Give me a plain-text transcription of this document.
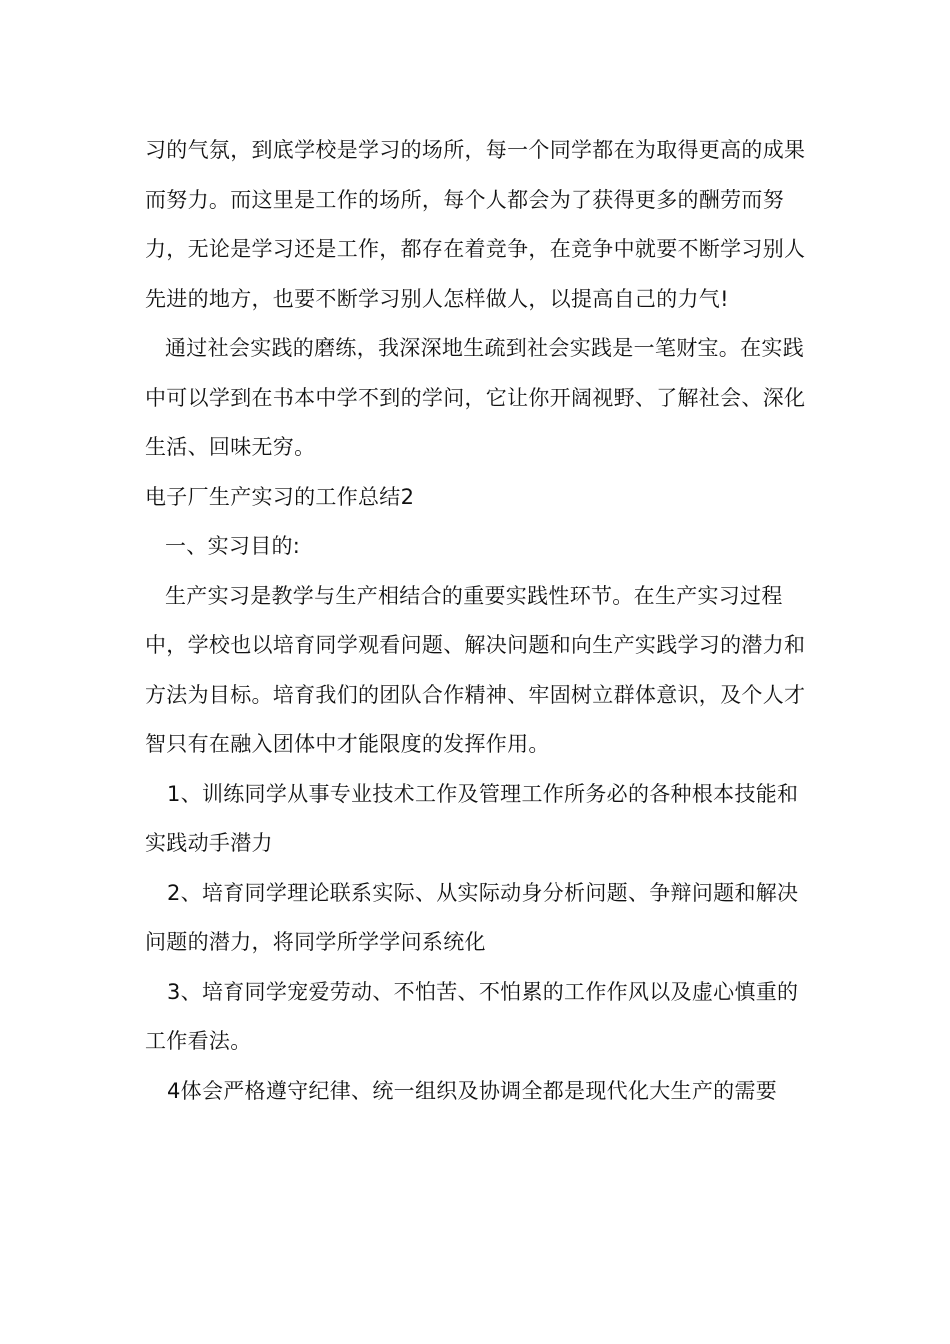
习的气氛，到底学校是学习的场所，每一个同学都在为取得更高的成果而努力。而这里是工作的场所，每个人都会为了获得更多的酬劳而努力，无论是学习还是工作，都存在着竞争，在竞争中就要不断学习别人先进的地方，也要不断学习别人怎样做人，以提高自己的力气!

通过社会实践的磨练，我深深地生疏到社会实践是一笔财宝。在实践中可以学到在书本中学不到的学问，它让你开阔视野、了解社会、深化生活、回味无穷。

电子厂生产实习的工作总结2

一、实习目的:

生产实习是教学与生产相结合的重要实践性环节。在生产实习过程中，学校也以培育同学观看问题、解决问题和向生产实践学习的潜力和方法为目标。培育我们的团队合作精神、牢固树立群体意识，及个人才智只有在融入团体中才能限度的发挥作用。

1、训练同学从事专业技术工作及管理工作所务必的各种根本技能和实践动手潜力

2、培育同学理论联系实际、从实际动身分析问题、争辩问题和解决问题的潜力，将同学所学学问系统化

3、培育同学宠爱劳动、不怕苦、不怕累的工作作风以及虚心慎重的工作看法。

4体会严格遵守纪律、统一组织及协调全都是现代化大生产的需要
